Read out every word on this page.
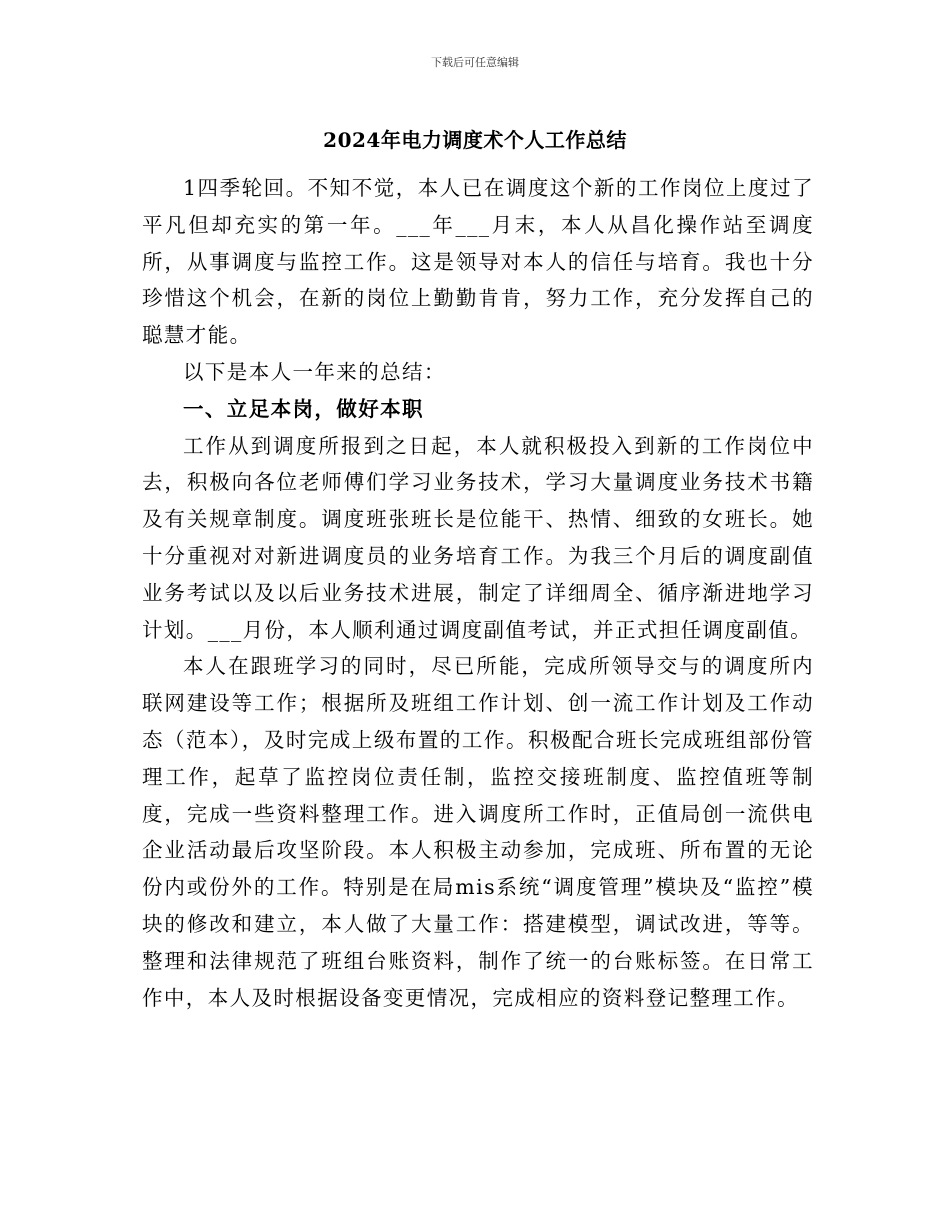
下载后可任意编辑
2024年电力调度术个人工作总结

1四季轮回。不知不觉，本人已在调度这个新的工作岗位上度过了平凡但却充实的第一年。___年___月末，本人从昌化操作站至调度所，从事调度与监控工作。这是领导对本人的信任与培育。我也十分珍惜这个机会，在新的岗位上勤勤肯肯，努力工作，充分发挥自己的聪慧才能。

以下是本人一年来的总结：

一、立足本岗，做好本职

工作从到调度所报到之日起，本人就积极投入到新的工作岗位中去，积极向各位老师傅们学习业务技术，学习大量调度业务技术书籍及有关规章制度。调度班张班长是位能干、热情、细致的女班长。她十分重视对对新进调度员的业务培育工作。为我三个月后的调度副值业务考试以及以后业务技术进展，制定了详细周全、循序渐进地学习计划。___月份，本人顺利通过调度副值考试，并正式担任调度副值。

本人在跟班学习的同时，尽已所能，完成所领导交与的调度所内联网建设等工作；根据所及班组工作计划、创一流工作计划及工作动态（范本），及时完成上级布置的工作。积极配合班长完成班组部份管理工作，起草了监控岗位责任制，监控交接班制度、监控值班等制度，完成一些资料整理工作。进入调度所工作时，正值局创一流供电企业活动最后攻坚阶段。本人积极主动参加，完成班、所布置的无论份内或份外的工作。特别是在局mis系统“调度管理”模块及“监控”模块的修改和建立，本人做了大量工作：搭建模型，调试改进，等等。整理和法律规范了班组台账资料，制作了统一的台账标签。在日常工作中，本人及时根据设备变更情况，完成相应的资料登记整理工作。
